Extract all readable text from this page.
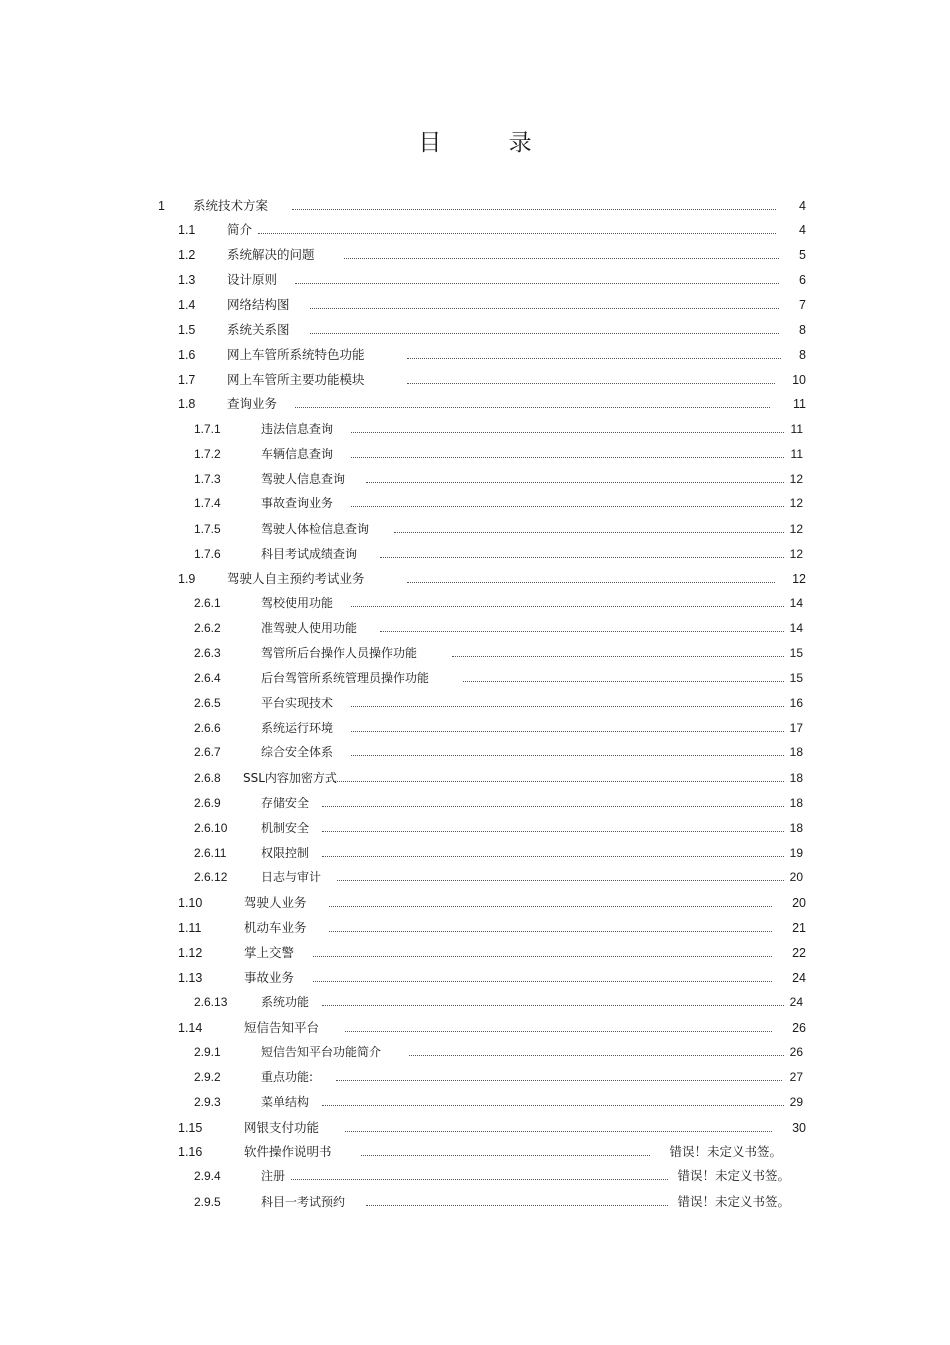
目 录
1 系统技术方案	4
1.1	简介	4
1.2	系统解决的问题	5
1.3	设计原则	6
1.4	网络结构图	7
1.5	系统关系图	8
1.6	网上车管所系统特色功能	8
1.7	网上车管所主要功能模块	10
1.8	查询业务	11
1.7.1	违法信息查询	11
1.7.2	车辆信息查询	11
1.7.3	驾驶人信息查询	12
1.7.4	事故查询业务	12
1.7.5	驾驶人体检信息查询	12
1.7.6	科目考试成绩查询	12
1.9	驾驶人自主预约考试业务	12
2.6.1	驾校使用功能	14
2.6.2	准驾驶人使用功能	14
2.6.3	驾管所后台操作人员操作功能	15
2.6.4	后台驾管所系统管理员操作功能	15
2.6.5	平台实现技术	16
2.6.6	系统运行环境	17
2.6.7	综合安全体系	18
2.6.8 SSL内容加密方式	18
2.6.9	存储安全	18
2.6.10	机制安全	18
2.6.11	权限控制	19
2.6.12	日志与审计	20
1.10	驾驶人业务	20
1.11	机动车业务	21
1.12	掌上交警	22
1.13	事故业务	24
2.6.13	系统功能	24
1.14	短信告知平台	26
2.9.1	短信告知平台功能简介	26
2.9.2	重点功能:	27
2.9.3	菜单结构	29
1.15	网银支付功能	30
1.16	软件操作说明书	错误！未定义书签。
2.9.4	注册	错误！未定义书签。
2.9.5	科目一考试预约	错误！未定义书签。
